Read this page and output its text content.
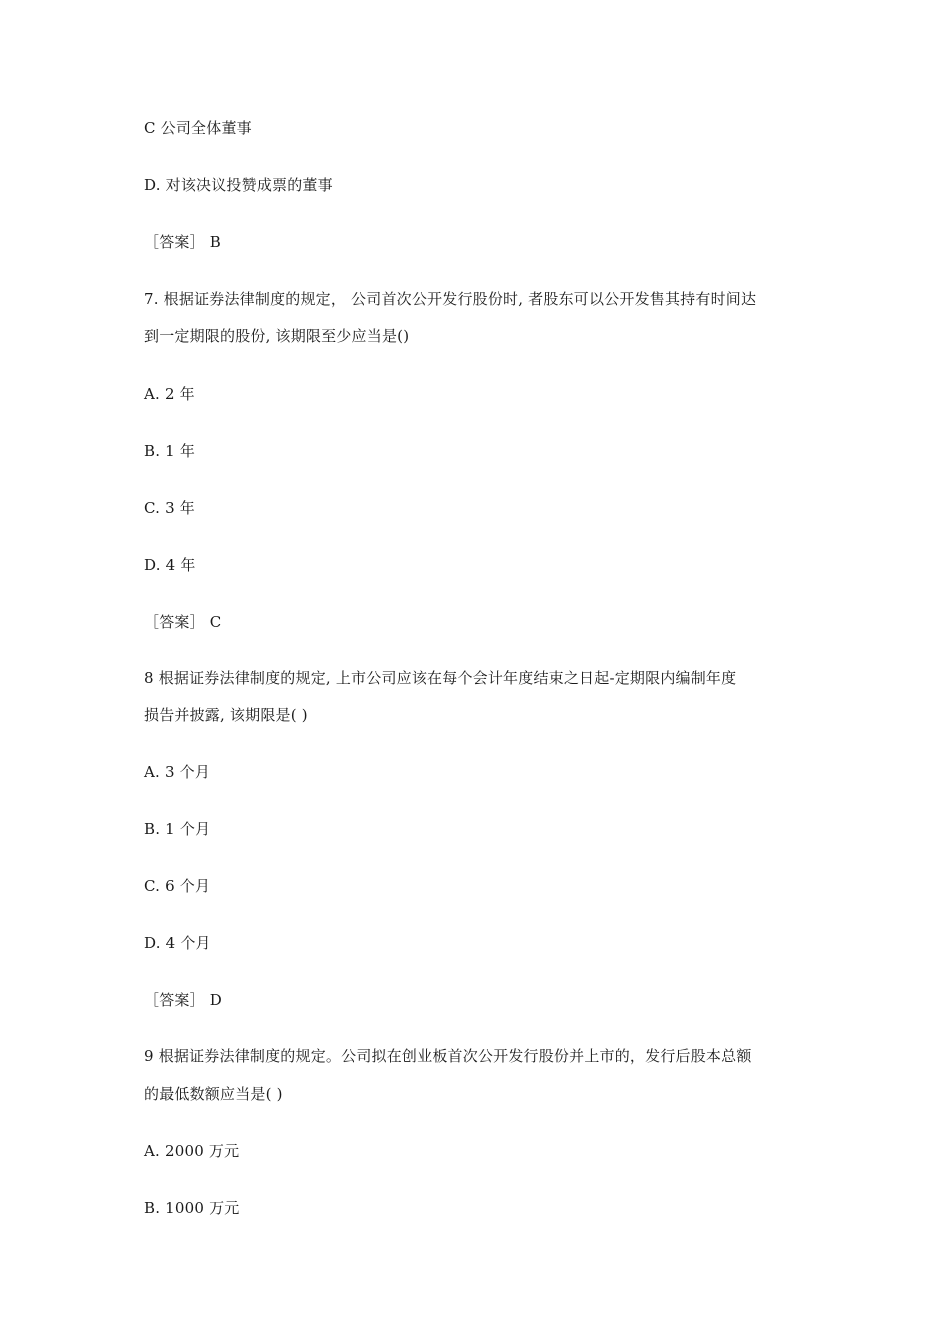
C 公司全体董事
D. 对该决议投赞成票的董事
［答案］ B
7. 根据证券法律制度的规定， 公司首次公开发行股份时, 者股东可以公开发售其持有时间达
到一定期限的股份, 该期限至少应当是()
A. 2 年
B. 1 年
C. 3 年
D. 4 年
［答案］ C
8 根据证券法律制度的规定, 上市公司应该在每个会计年度结束之日起-定期限内编制年度
损告并披露, 该期限是( )
A. 3 个月
B. 1 个月
C. 6 个月
D. 4 个月
［答案］ D
9 根据证券法律制度的规定。公司拟在创业板首次公开发行股份并上市的，发行后股本总额
的最低数额应当是( )
A. 2000 万元
B. 1000 万元
